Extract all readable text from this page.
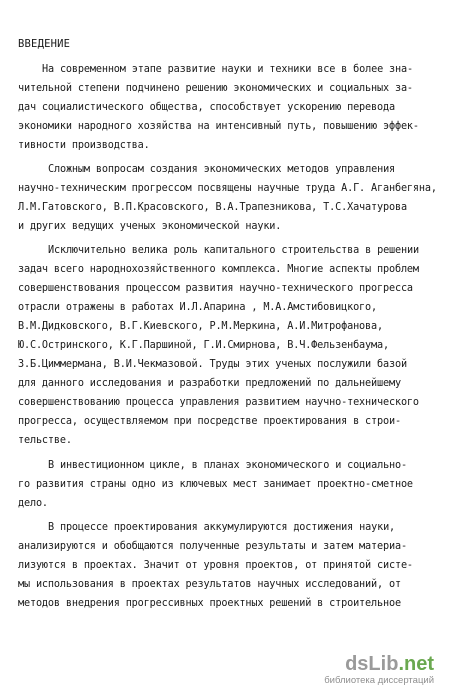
ВВЕДЕНИЕ
На современном этапе развитие науки и техники все в более зна-
чительной степени подчинено решению экономических и социальных за-
дач социалистического общества, способствует ускорению перевода
экономики народного хозяйства на интенсивный путь, повышению эффек-
тивности производства.
Сложным вопросам создания экономических методов управления
научно-техническим прогрессом посвящены научные труда А.Г. Аганбегяна,
Л.М.Гатовского, В.П.Красовского, В.А.Трапезникова, Т.С.Хачатурова
и других ведущих ученых экономической науки.
Исключительно велика роль капитального строительства в решении
задач всего народнохозяйственного комплекса. Многие аспекты проблем
совершенствования процессом развития научно-технического прогресса
отрасли отражены в работах И.Л.Апарина , М.А.Амстибовицкого,
В.М.Дидковского, В.Г.Киевского, Р.М.Меркина, А.И.Митрофанова,
Ю.С.Остринского, К.Г.Паршиной, Г.И.Смирнова, В.Ч.Фельзенбаума,
З.Б.Циммермана, В.И.Чекмазовой. Труды этих ученых послужили базой
для данного исследования и разработки предложений по дальнейшему
совершенствованию процесса управления развитием научно-технического
прогресса, осуществляемом при посредстве проектирования в строи-
тельстве.
В инвестиционном цикле, в планах экономического и социально-
го развития страны одно из ключевых мест занимает проектно-сметное
дело.
В процессе проектирования аккумулируются достижения науки,
анализируются и обобщаются полученные результаты и затем материа-
лизуются в проектах. Значит от уровня проектов, от принятой систе-
мы использования в проектах результатов научных исследований, от
методов внедрения прогрессивных проектных решений в строительное
dsLib.net
библиотека диссертаций
